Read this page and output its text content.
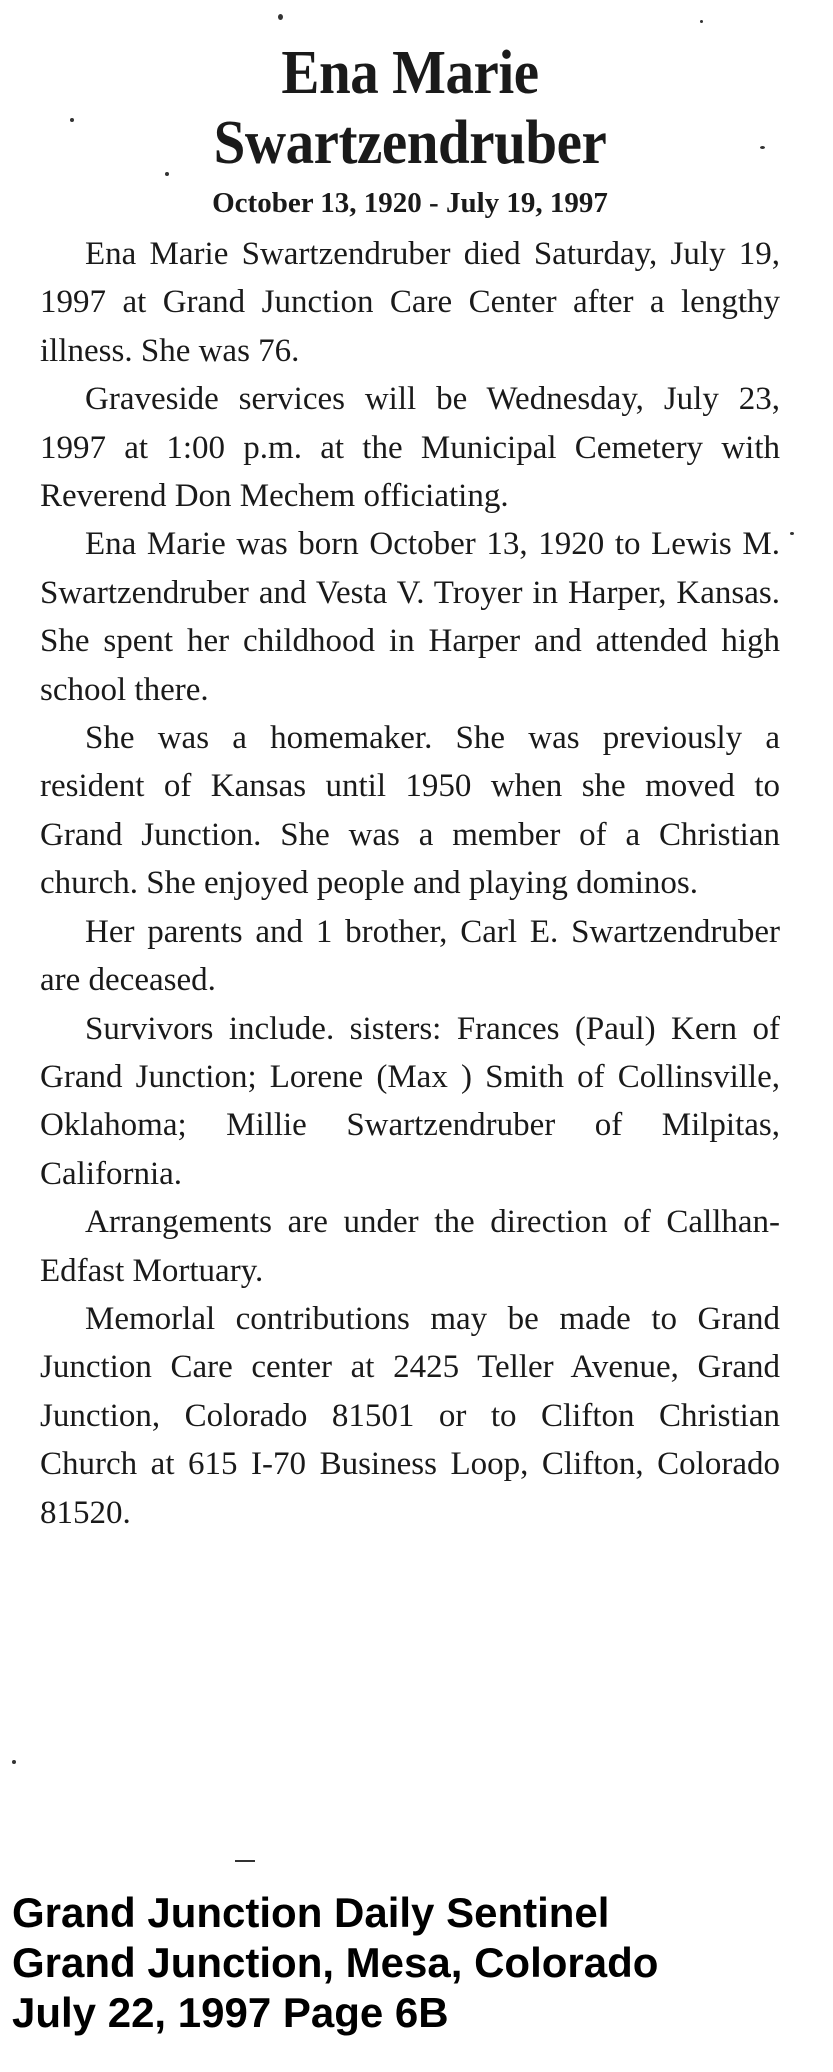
Ena Marie
Swartzendruber
October 13, 1920 - July 19, 1997

Ena Marie Swartzendruber died Saturday, July 19, 1997 at Grand Junction Care Center after a lengthy illness. She was 76.

Graveside services will be Wednesday, July 23, 1997 at 1:00 p.m. at the Municipal Cemetery with Reverend Don Mechem officiating.

Ena Marie was born October 13, 1920 to Lewis M. Swartzendruber and Vesta V. Troyer in Harper, Kansas. She spent her childhood in Harper and attended high school there.

She was a homemaker. She was previously a resident of Kansas until 1950 when she moved to Grand Junction. She was a member of a Christian church. She enjoyed people and playing dominos.

Her parents and 1 brother, Carl E. Swartzendruber are deceased.

Survivors include. sisters: Frances (Paul) Kern of Grand Junction; Lorene (Max ) Smith of Collinsville, Oklahoma; Millie Swartzendruber of Milpitas, California.

Arrangements are under the direction of Callhan-Edfast Mortuary.

Memorlal contributions may be made to Grand Junction Care center at 2425 Teller Avenue, Grand Junction, Colorado 81501 or to Clifton Christian Church at 615 I-70 Business Loop, Clifton, Colorado 81520.

Grand Junction Daily Sentinel
Grand Junction, Mesa, Colorado
July 22, 1997 Page 6B
